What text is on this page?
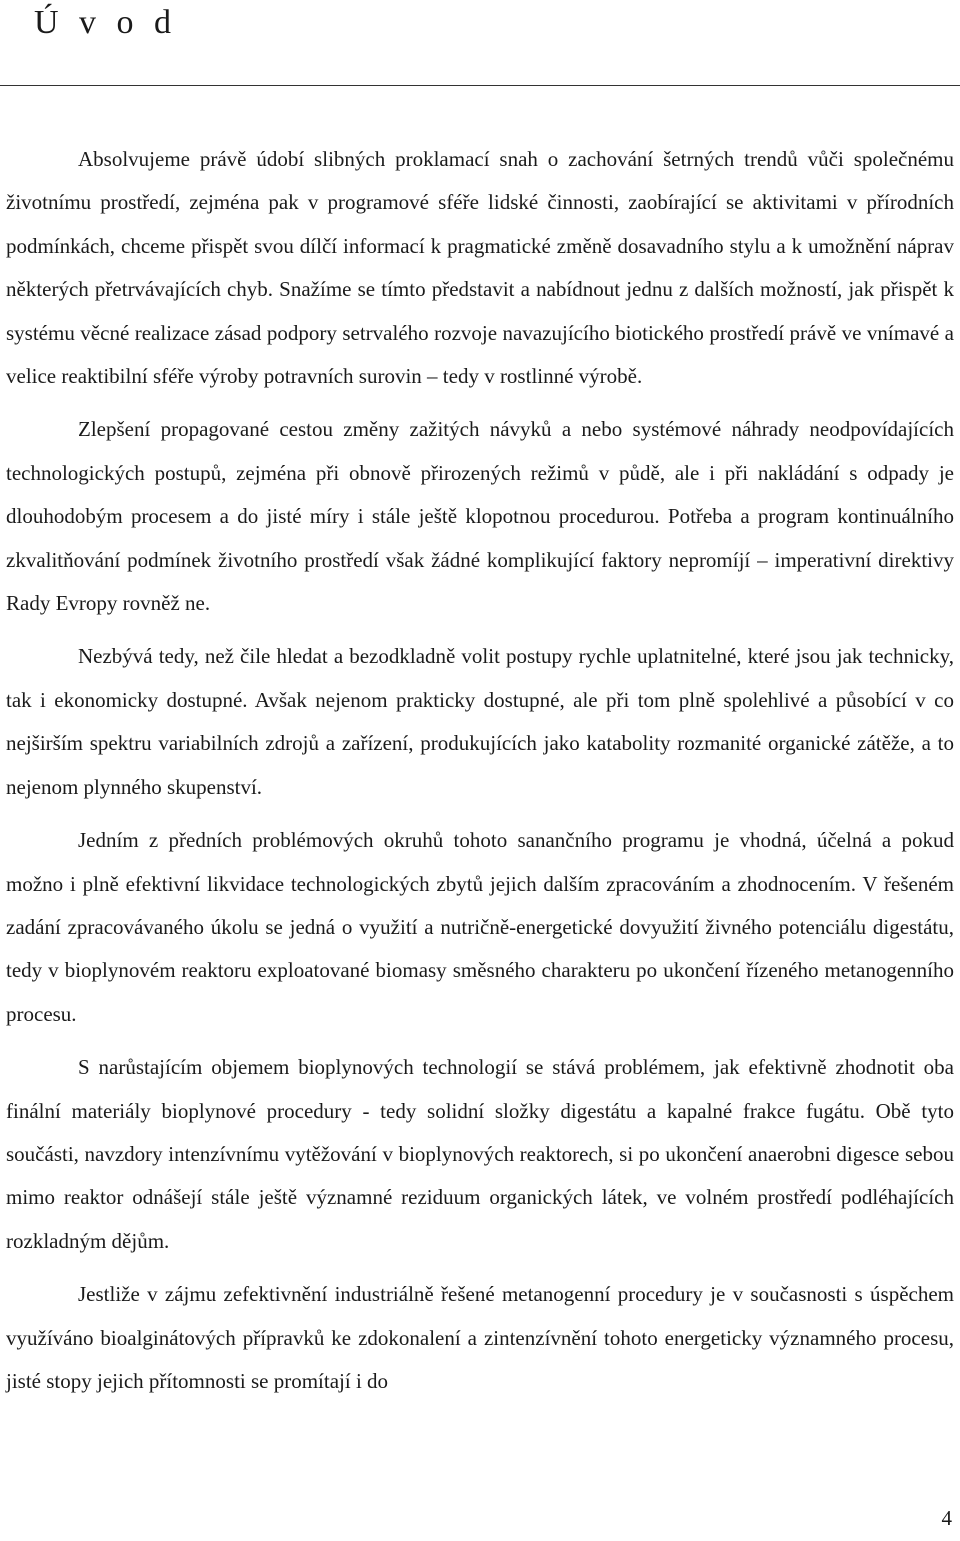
Ú v o d

Absolvujeme právě údobí slibných proklamací snah o zachování šetrných trendů vůči společnému životnímu prostředí, zejména pak v programové sféře lidské činnosti, zaobírající se aktivitami v přírodních podmínkách, chceme přispět svou dílčí informací k pragmatické změně dosavadního stylu a k umožnění náprav některých přetrvávajících chyb. Snažíme se tímto představit a nabídnout jednu z dalších možností, jak přispět k systému věcné realizace zásad podpory setrvalého rozvoje navazujícího biotického prostředí právě ve vnímavé a velice reaktibilní sféře výroby potravních surovin – tedy v rostlinné výrobě.

Zlepšení propagované cestou změny zažitých návyků a nebo systémové náhrady neodpovídajících technologických postupů, zejména při obnově přirozených režimů v půdě, ale i při nakládání s odpady je dlouhodobým procesem a do jisté míry i stále ještě klopotnou procedurou. Potřeba a program kontinuálního zkvalitňování podmínek životního prostředí však žádné komplikující faktory nepromíjí – imperativní direktivy Rady Evropy rovněž ne.

Nezbývá tedy, než čile hledat a bezodkladně volit postupy rychle uplatnitelné, které jsou jak technicky, tak i ekonomicky dostupné. Avšak nejenom prakticky dostupné, ale při tom plně spolehlivé a působící v co nejširším spektru variabilních zdrojů a zařízení, produkujících jako katabolity rozmanité organické zátěže, a to nejenom plynného skupenství.

Jedním z předních problémových okruhů tohoto sanančního programu je vhodná, účelná a pokud možno i plně efektivní likvidace technologických zbytů jejich dalším zpracováním a zhodnocením. V řešeném zadání zpracovávaného úkolu se jedná o využití a nutričně-energetické dovyužití živného potenciálu digestátu, tedy v bioplynovém reaktoru exploatované biomasy směsného charakteru po ukončení řízeného metanogenního procesu.

S narůstajícím objemem bioplynových technologií se stává problémem, jak efektivně zhodnotit oba finální materiály bioplynové procedury - tedy solidní složky digestátu a kapalné frakce fugátu. Obě tyto součásti, navzdory intenzívnímu vytěžování v bioplynových reaktorech, si po ukončení anaerobni digesce sebou mimo reaktor odnášejí stále ještě významné reziduum organických látek, ve volném prostředí podléhajících rozkladným dějům.

Jestliže v zájmu zefektivnění industriálně řešené metanogenní procedury je v současnosti s úspěchem využíváno bioalginátových přípravků ke zdokonalení a zintenzívnění tohoto energeticky významného procesu, jisté stopy jejich přítomnosti se promítají i do

4
